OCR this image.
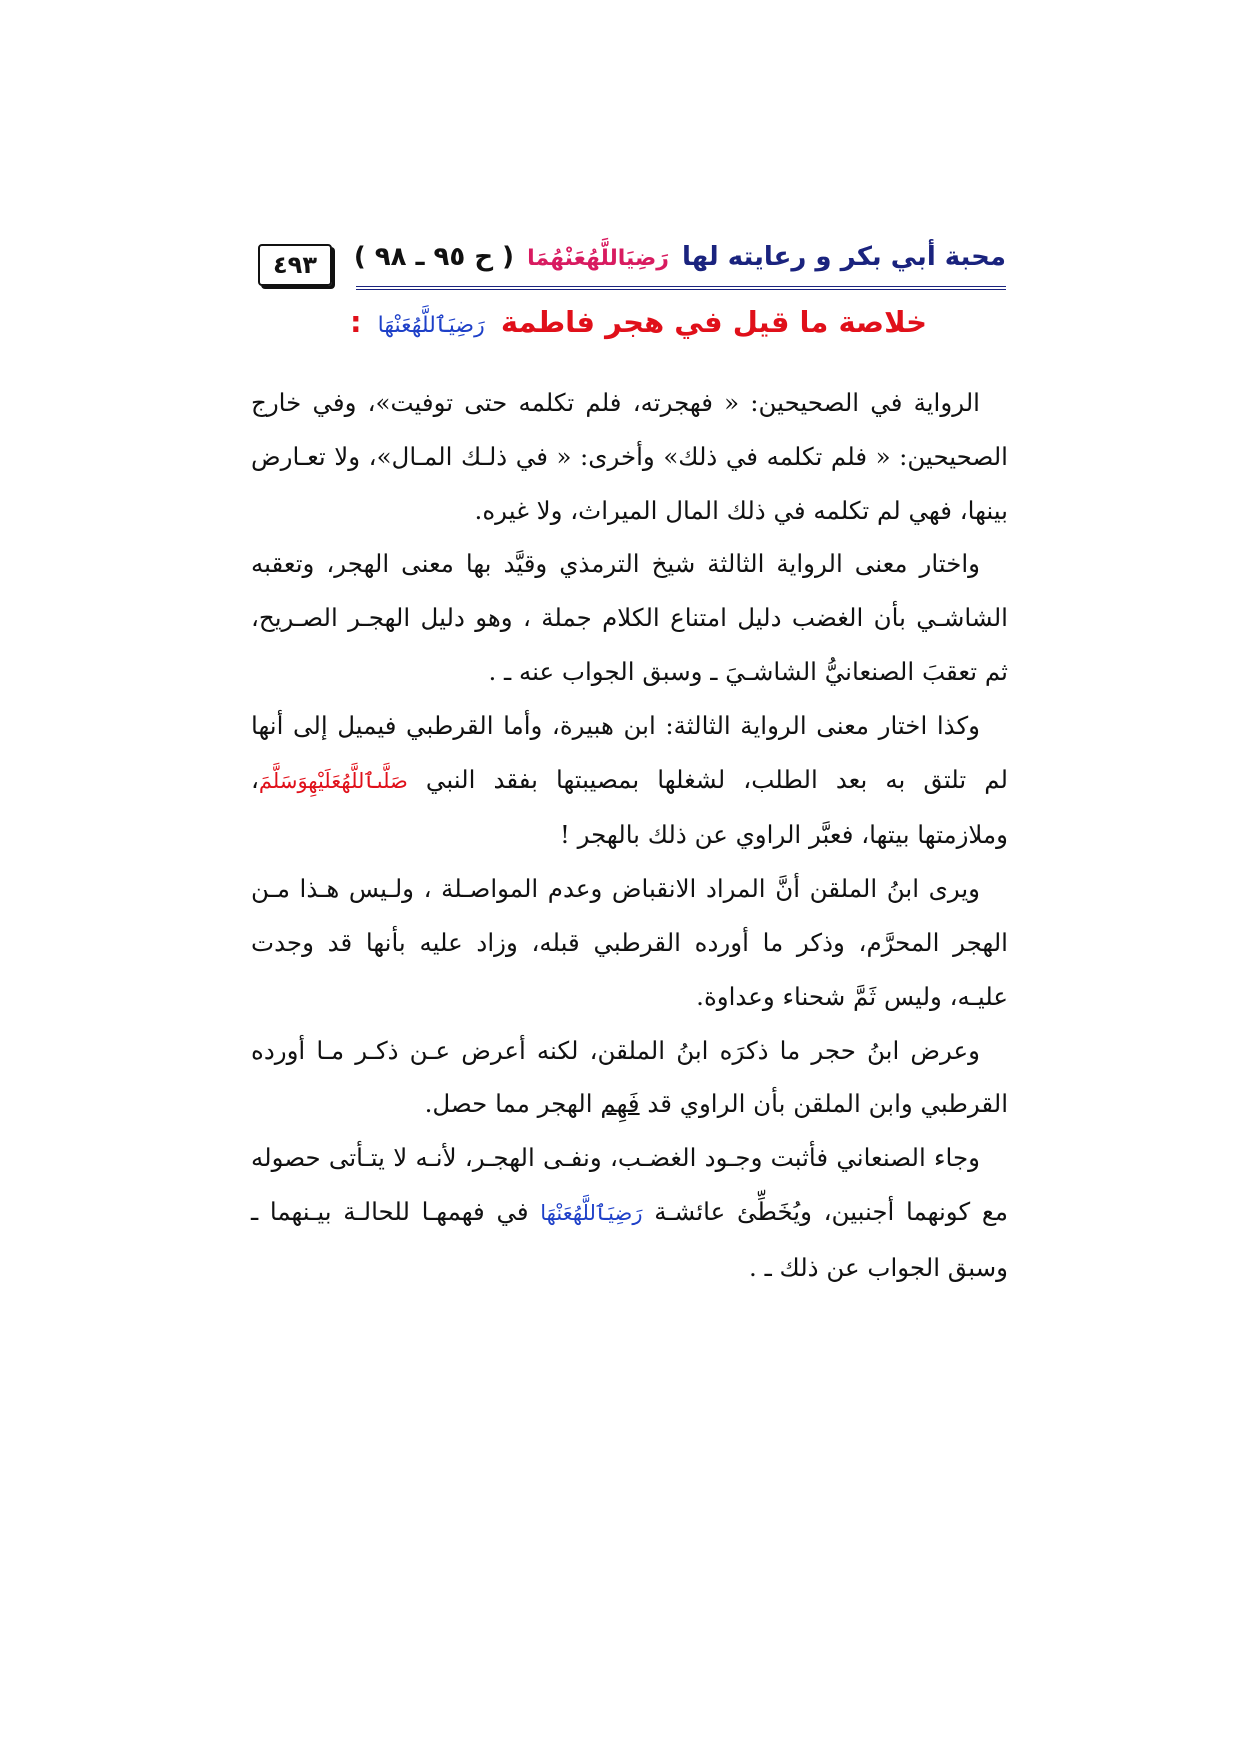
٤٩٣	محبة أبي بكر و رعايته لها رَضِيَاللَّهُعَنْهُمَا ( ح ٩٥ ـ ٩٨ )
خلاصة ما قيل في هجر فاطمة رَضِيَٱللَّهُعَنْهَا :

الرواية في الصحيحين: « فهجرته، فلم تكلمه حتى توفيت»، وفي خارج الصحيحين: « فلم تكلمه في ذلك» وأخرى: « في ذلـك المـال»، ولا تعـارض بينها، فهي لم تكلمه في ذلك المال الميراث، ولا غيره.

واختار معنى الرواية الثالثة شيخ الترمذي وقيَّد بها معنى الهجر، وتعقبه الشاشـي بأن الغضب دليل امتناع الكلام جملة ، وهو دليل الهجـر الصـريح، ثم تعقبَ الصنعانيُّ الشاشـيَ ـ وسبق الجواب عنه ـ .

وكذا اختار معنى الرواية الثالثة: ابن هبيرة، وأما القرطبي فيميل إلى أنها لم تلتق به بعد الطلب، لشغلها بمصيبتها بفقد النبي صَلَّىٱللَّهُعَلَيْهِوَسَلَّمَ، وملازمتها بيتها، فعبَّر الراوي عن ذلك بالهجر !

ويرى ابنُ الملقن أنَّ المراد الانقباض وعدم المواصـلة ، ولـيس هـذا مـن الهجر المحرَّم، وذكر ما أورده القرطبي قبله، وزاد عليه بأنها قد وجدت عليـه، وليس ثَمَّ شحناء وعداوة.

وعرض ابنُ حجر ما ذكرَه ابنُ الملقن، لكنه أعرض عـن ذكـر مـا أورده القرطبي وابن الملقن بأن الراوي قد فَهِم الهجر مما حصل.

وجاء الصنعاني فأثبت وجـود الغضـب، ونفـى الهجـر، لأنـه لا يتـأتى حصوله مع كونهما أجنبين، ويُخَطِّئ عائشـة رَضِيَٱللَّهُعَنْهَا في فهمهـا للحالـة بيـنهما ـ وسبق الجواب عن ذلك ـ .
